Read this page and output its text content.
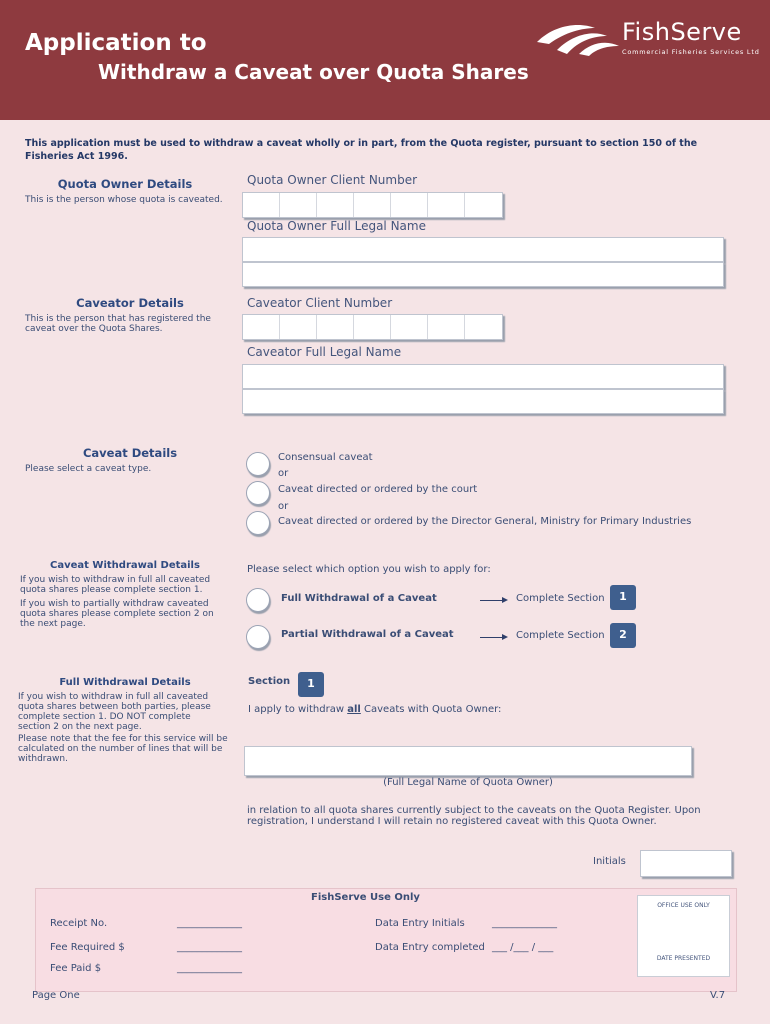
Application to
Withdraw a Caveat over Quota Shares
FishServe
Commercial Fisheries Services Ltd
This application must be used to withdraw a caveat wholly or in part, from the Quota register, pursuant to section 150 of the Fisheries Act 1996.
Quota Owner Details
This is the person whose quota is caveated.
Quota Owner Client Number
Quota Owner Full Legal Name
Caveator Details
This is the person that has registered the caveat over the Quota Shares.
Caveator Client Number
Caveator Full Legal Name
Caveat Details
Please select a caveat type.
Consensual caveat
or
Caveat directed or ordered by the court
or
Caveat directed or ordered by the Director General, Ministry for Primary Industries
Caveat Withdrawal Details
If you wish to withdraw in full all caveated quota shares please complete section 1.
If you wish to partially withdraw caveated quota shares please complete section 2 on the next page.
Please select which option you wish to apply for:
Full Withdrawal of a Caveat	Complete Section	1
Partial Withdrawal of a Caveat	Complete Section	2
Full Withdrawal Details
If you wish to withdraw in full all caveated quota shares between both parties, please complete section 1. DO NOT complete section 2 on the next page.
Please note that the fee for this service will be calculated on the number of lines that will be withdrawn.
Section	1
I apply to withdraw all Caveats with Quota Owner:
(Full Legal Name of Quota Owner)
in relation to all quota shares currently subject to the caveats on the Quota Register. Upon registration, I understand I will retain no registered caveat with this Quota Owner.
Initials
FishServe Use Only
Receipt No.	_____________
Fee Required $	_____________
Fee Paid $	_____________
Data Entry Initials	_____________
Data Entry completed ___ /___ / ___
OFFICE USE ONLY
DATE PRESENTED
Page One	V.7
